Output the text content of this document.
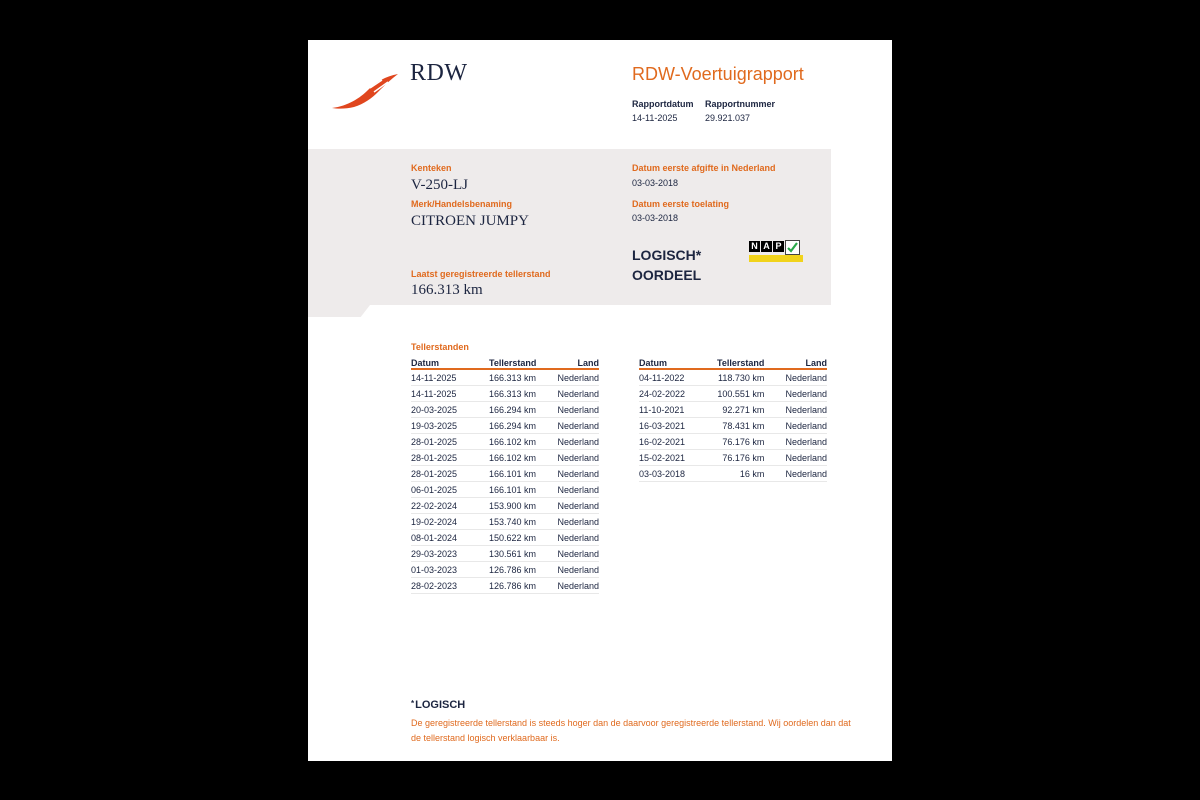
RDW	RDW-Voertuigrapport
Rapportdatum Rapportnummer
14-11-2025	29.921.037
Kenteken
V-250-LJ
Merk/Handelsbenaming
CITROEN JUMPY
Laatst geregistreerde tellerstand
166.313 km
Datum eerste afgifte in Nederland
03-03-2018
Datum eerste toelating
03-03-2018
LOGISCH*
OORDEEL
N A P
Tellerstanden
Datum	Tellerstand	Land
14-11-2025	166.313 km	Nederland
14-11-2025	166.313 km	Nederland
20-03-2025	166.294 km	Nederland
19-03-2025	166.294 km	Nederland
28-01-2025	166.102 km	Nederland
28-01-2025	166.102 km	Nederland
28-01-2025	166.101 km	Nederland
06-01-2025	166.101 km	Nederland
22-02-2024	153.900 km	Nederland
19-02-2024	153.740 km	Nederland
08-01-2024	150.622 km	Nederland
29-03-2023	130.561 km	Nederland
01-03-2023	126.786 km	Nederland
28-02-2023	126.786 km	Nederland
Datum	Tellerstand	Land
04-11-2022	118.730 km	Nederland
24-02-2022	100.551 km	Nederland
11-10-2021	92.271 km	Nederland
16-03-2021	78.431 km	Nederland
16-02-2021	76.176 km	Nederland
15-02-2021	76.176 km	Nederland
03-03-2018	16 km	Nederland
*LOGISCH
De geregistreerde tellerstand is steeds hoger dan de daarvoor geregistreerde tellerstand. Wij oordelen dan dat de tellerstand logisch verklaarbaar is.
